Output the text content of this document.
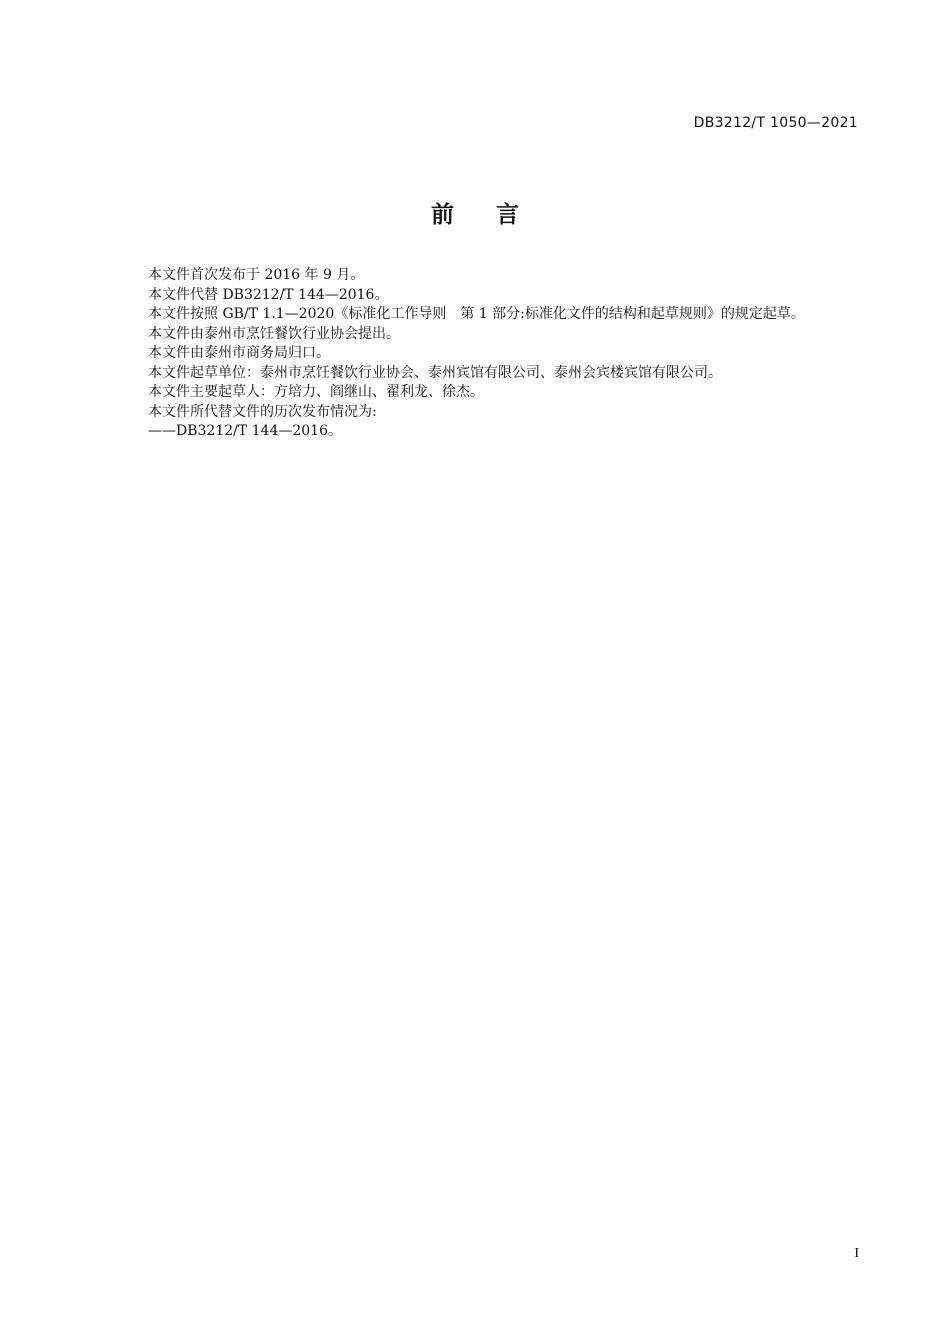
DB3212/T 1050—2021
前言

本文件首次发布于 2016 年 9 月。

本文件代替 DB3212/T 144—2016。

本文件按照 GB/T 1.1—2020《标准化工作导则　第 1 部分:标准化文件的结构和起草规则》的规定起草。

本文件由泰州市烹饪餐饮行业协会提出。

本文件由泰州市商务局归口。

本文件起草单位：泰州市烹饪餐饮行业协会、泰州宾馆有限公司、泰州会宾楼宾馆有限公司。

本文件主要起草人：方培力、阎继山、翟利龙、徐杰。

本文件所代替文件的历次发布情况为:

——DB3212/T 144—2016。

I
